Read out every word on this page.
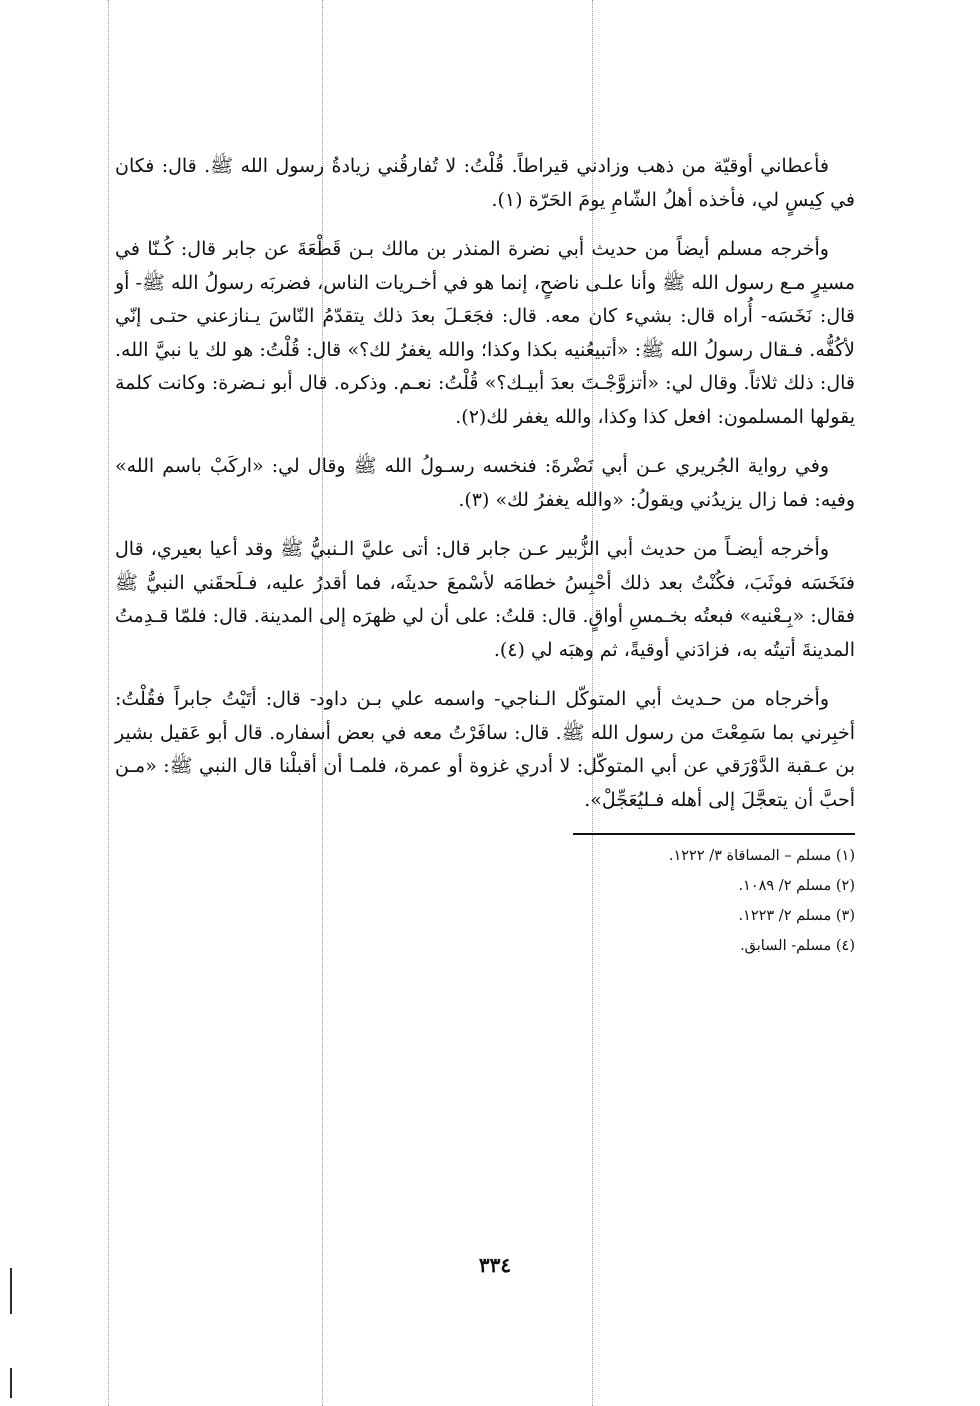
فأعطاني أوقيّة من ذهب وزادني قيراطاً. قُلْتُ: لا تُفارقُني زيادةُ رسول الله ﷺ. قال: فكان في كِيسٍ لي، فأخذه أهلُ الشّامِ يومَ الحَرّة (١).

وأخرجه مسلم أيضاً من حديث أبي نضرة المنذر بن مالك بـن قَطْعَةَ عن جابر قال: كُـنّا في مسيرٍ مـع رسول الله ﷺ وأنا علـى ناضحٍ، إنما هو في أخـريات الناس، فضربَه رسولُ الله ﷺ- أو قال: نَخَسَه- أُراه قال: بشيء كان معه. قال: فجَعَـلَ بعدَ ذلك يتقدّمُ النّاسَ يـنازعني حتـى إنّي لأكُفُّه. فـقال رسولُ الله ﷺ: «أتبيعُنيه بكذا وكذا؛ والله يغفرُ لك؟» قال: قُلْتُ: هو لك يا نبيَّ الله. قال: ذلك ثلاثاً. وقال لي: «أتزوَّجْـتَ بعدَ أبيـك؟» قُلْتُ: نعـم. وذكره. قال أبو نـضرة: وكانت كلمة يقولها المسلمون: افعل كذا وكذا، والله يغفر لك(٢).

وفي رواية الجُريري عـن أبي نَضْرةَ: فنخسه رسـولُ الله ﷺ وقال لي: «اركَبْ باسم الله» وفيه: فما زال يزيدُني ويقولُ: «والله يغفرُ لك» (٣).

وأخرجه أيضـاً من حديث أبي الزُّبير عـن جابر قال: أتى عليَّ الـنبيُّ ﷺ وقد أعيا بعيري، قال فنَخَسَه فوثَبَ، فكُنْتُ بعد ذلك أحْبِسُ خطامَه لأسْمعَ حديثَه، فما أقدرُ عليه، فـلَحقَني النبيُّ ﷺ فقال: «بِـعْنيه» فبعتُه بخـمسِ أواقٍ. قال: قلتُ: على أن لي ظهرَه إلى المدينة. قال: فلمّا قـدِمتُ المدينةَ أتيتُه به، فزادَني أوقيةً، ثم وهبَه لي (٤).

وأخرجاه من حـديث أبي المتوكّل الـناجي- واسمه علي بـن داود- قال: أتَيْتُ جابراً فقُلْتُ: أخبِرني بما سَمِعْتَ من رسول الله ﷺ. قال: سافَرْتُ معه في بعض أسفاره. قال أبو عَقيل بشير بن عـقبة الدَّوْرَقي عن أبي المتوكّل: لا أدري غزوة أو عمرة، فلمـا أن أقبلْنا قال النبي ﷺ: «مـن أحبَّ أن يتعجَّلَ إلى أهله فـليُعَجِّلْ».

(١) مسلم – المساقاة ٣/ ١٢٢٢.
(٢) مسلم ٢/ ١٠٨٩.
(٣) مسلم ٢/ ١٢٢٣.
(٤) مسلم- السابق.
٣٣٤
